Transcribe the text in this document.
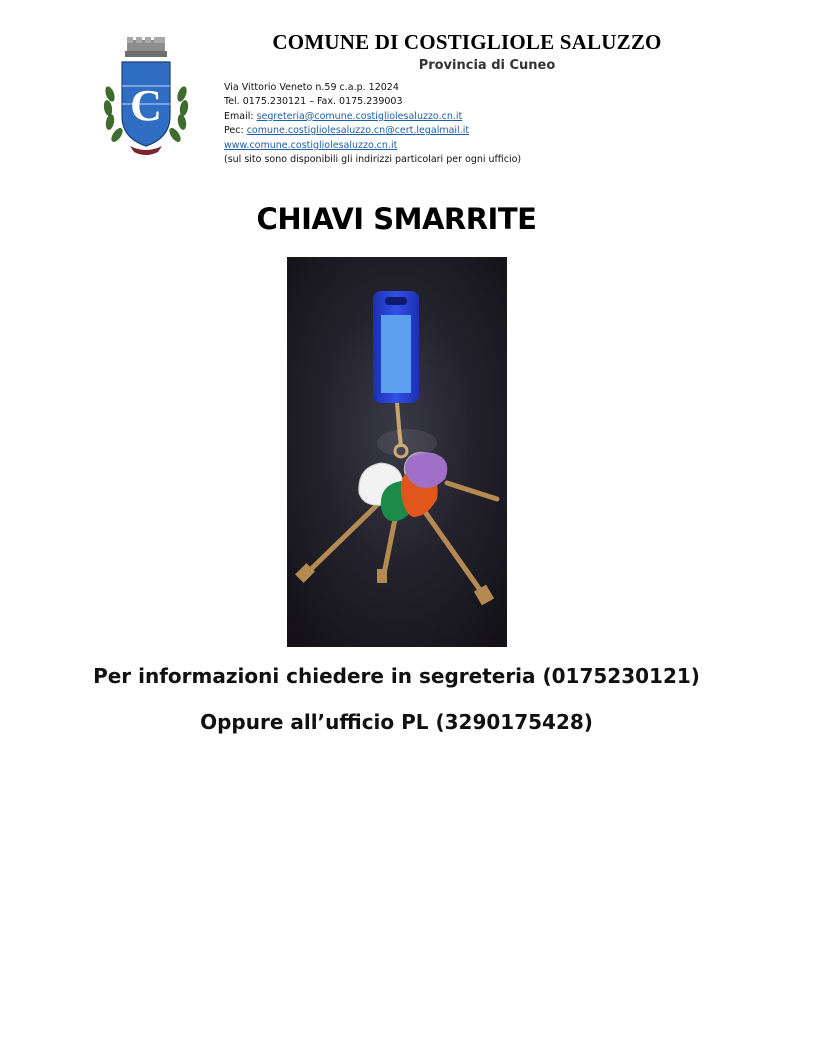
C
COMUNE DI COSTIGLIOLE SALUZZO
Provincia di Cuneo
Via Vittorio Veneto n.59 c.a.p. 12024
Tel. 0175.230121 – Fax. 0175.239003
Email: segreteria@comune.costigliolesaluzzo.cn.it
Pec: comune.costigliolesaluzzo.cn@cert.legalmail.it
www.comune.costigliolesaluzzo.cn.it
(sul sito sono disponibili gli indirizzi particolari per ogni ufficio)
CHIAVI SMARRITE
Per informazioni chiedere in segreteria (0175230121)
Oppure all’ufficio PL (3290175428)
